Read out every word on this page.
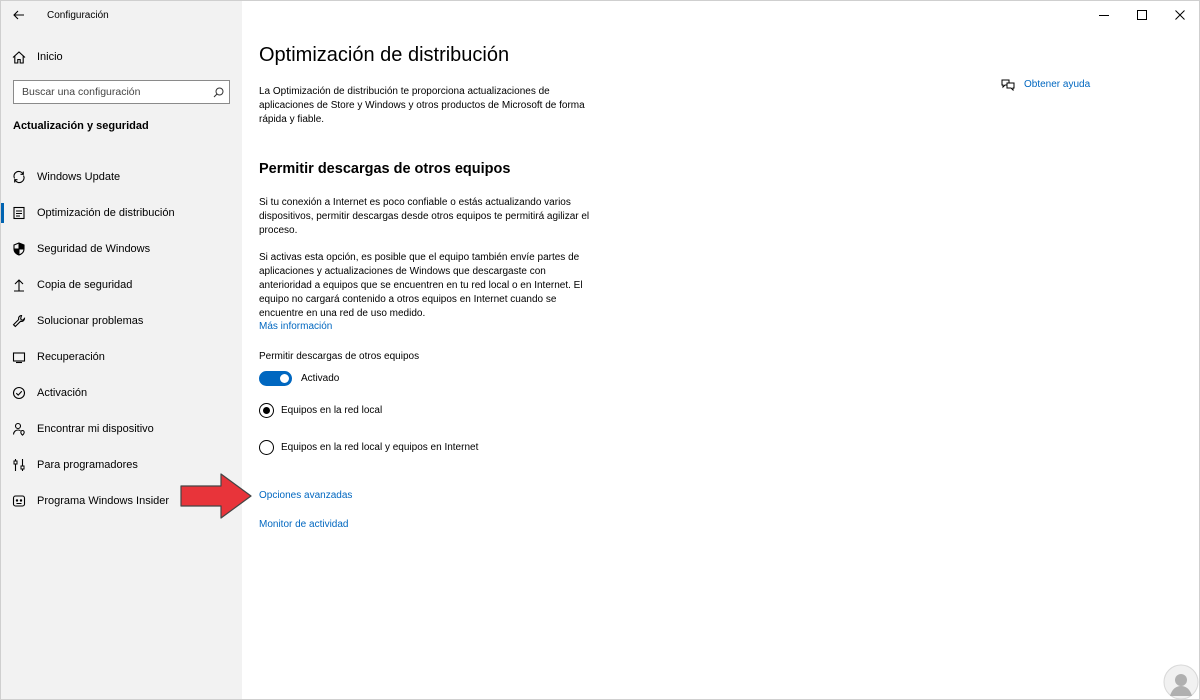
Configuración
Inicio
Buscar una configuración
Actualización y seguridad
Windows Update
Optimización de distribución
Seguridad de Windows
Copia de seguridad
Solucionar problemas
Recuperación
Activación
Encontrar mi dispositivo
Para programadores
Programa Windows Insider
Optimización de distribución

La Optimización de distribución te proporciona actualizaciones de aplicaciones de Store y Windows y otros productos de Microsoft de forma rápida y fiable.

Obtener ayuda
Permitir descargas de otros equipos

Si tu conexión a Internet es poco confiable o estás actualizando varios dispositivos, permitir descargas desde otros equipos te permitirá agilizar el proceso.

Si activas esta opción, es posible que el equipo también envíe partes de aplicaciones y actualizaciones de Windows que descargaste con anterioridad a equipos que se encuentren en tu red local o en Internet. El equipo no cargará contenido a otros equipos en Internet cuando se encuentre en una red de uso medido.

Más información
Permitir descargas de otros equipos
Activado
Equipos en la red local
Equipos en la red local y equipos en Internet
Opciones avanzadas
Monitor de actividad
